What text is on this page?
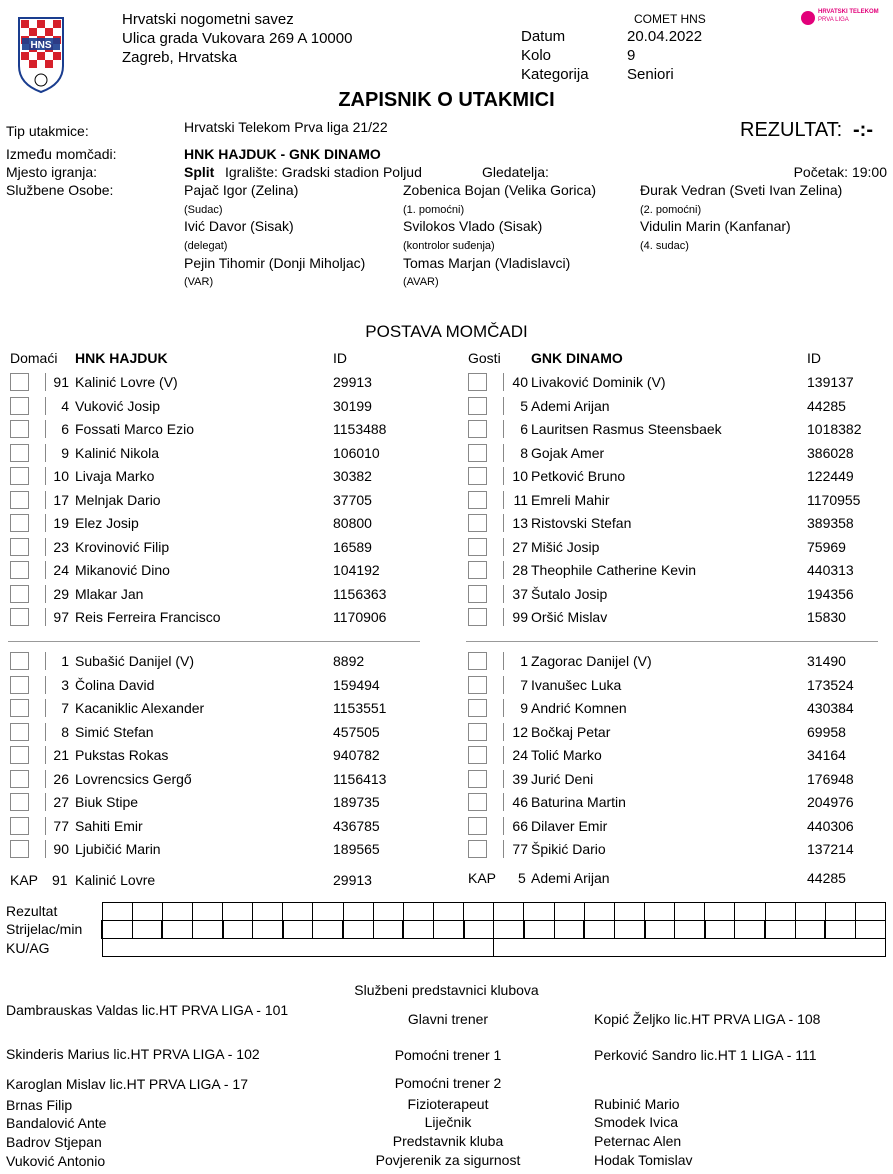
HNS
Hrvatski nogometni savez
Ulica grada Vukovara 269 A 10000
Zagreb, Hrvatska
COMET HNS
Datum	20.04.2022
Kolo	9
Kategorija	Seniori
HRVATSKI TELEKOM
PRVA LIGA
ZAPISNIK O UTAKMICI
Tip utakmice:	Hrvatski Telekom Prva liga 21/22	REZULTAT: -:-
Između momčadi:	HNK HAJDUK - GNK DINAMO
Mjesto igranja:	Split Igralište: Gradski stadion Poljud	Gledatelja:	Početak: 19:00
Službene Osobe:	Pajač Igor (Zelina)
(Sudac)
Zobenica Bojan (Velika Gorica)
(1. pomoćni)
Đurak Vedran (Sveti Ivan Zelina)
(2. pomoćni)
Ivić Davor (Sisak)
(delegat)
Svilokos Vlado (Sisak)
(kontrolor suđenja)
Vidulin Marin (Kanfanar)
(4. sudac)
Pejin Tihomir (Donji Miholjac)
(VAR)
Tomas Marjan (Vladislavci)
(AVAR)
POSTAVA MOMČADI
Domaći HNK HAJDUK	ID	Gosti GNK DINAMO	ID
91 Kalinić Lovre (V)	29913
4 Vuković Josip	30199
6 Fossati Marco Ezio	1153488
9 Kalinić Nikola	106010
10 Livaja Marko	30382
17 Melnjak Dario	37705
19 Elez Josip	80800
23 Krovinović Filip	16589
24 Mikanović Dino	104192
29 Mlakar Jan	1156363
97 Reis Ferreira Francisco	1170906
1 Subašić Danijel (V)	8892
3 Čolina David	159494
7 Kacaniklic Alexander	1153551
8 Simić Stefan	457505
21 Pukstas Rokas	940782
26 Lovrencsics Gergő	1156413
27 Biuk Stipe	189735
77 Sahiti Emir	436785
90 Ljubičić Marin	189565
40 Livaković Dominik (V)	139137
5 Ademi Arijan	44285
6 Lauritsen Rasmus Steensbaek	1018382
8 Gojak Amer	386028
10 Petković Bruno	122449
11 Emreli Mahir	1170955
13 Ristovski Stefan	389358
27 Mišić Josip	75969
28 Theophile Catherine Kevin	440313
37 Šutalo Josip	194356
99 Oršić Mislav	15830
1 Zagorac Danijel (V)	31490
7 Ivanušec Luka	173524
9 Andrić Komnen	430384
12 Bočkaj Petar	69958
24 Tolić Marko	34164
39 Jurić Deni	176948
46 Baturina Martin	204976
66 Dilaver Emir	440306
77 Špikić Dario	137214
KAP 91 Kalinić Lovre	29913	KAP 5 Ademi Arijan	44285
Rezultat
Strijelac/min
KU/AG

Službeni predstavnici klubova
Dambrauskas Valdas lic.HT PRVA LIGA - 101
Glavni trener	Kopić Željko lic.HT PRVA LIGA - 108
Skinderis Marius lic.HT PRVA LIGA - 102	Pomoćni trener 1	Perković Sandro lic.HT 1 LIGA - 111
Karoglan Mislav lic.HT PRVA LIGA - 17	Pomoćni trener 2
Brnas Filip	Fizioterapeut	Rubinić Mario
Bandalović Ante	Liječnik	Smodek Ivica
Badrov Stjepan	Predstavnik kluba	Peternac Alen
Vuković Antonio	Povjerenik za sigurnost	Hodak Tomislav
